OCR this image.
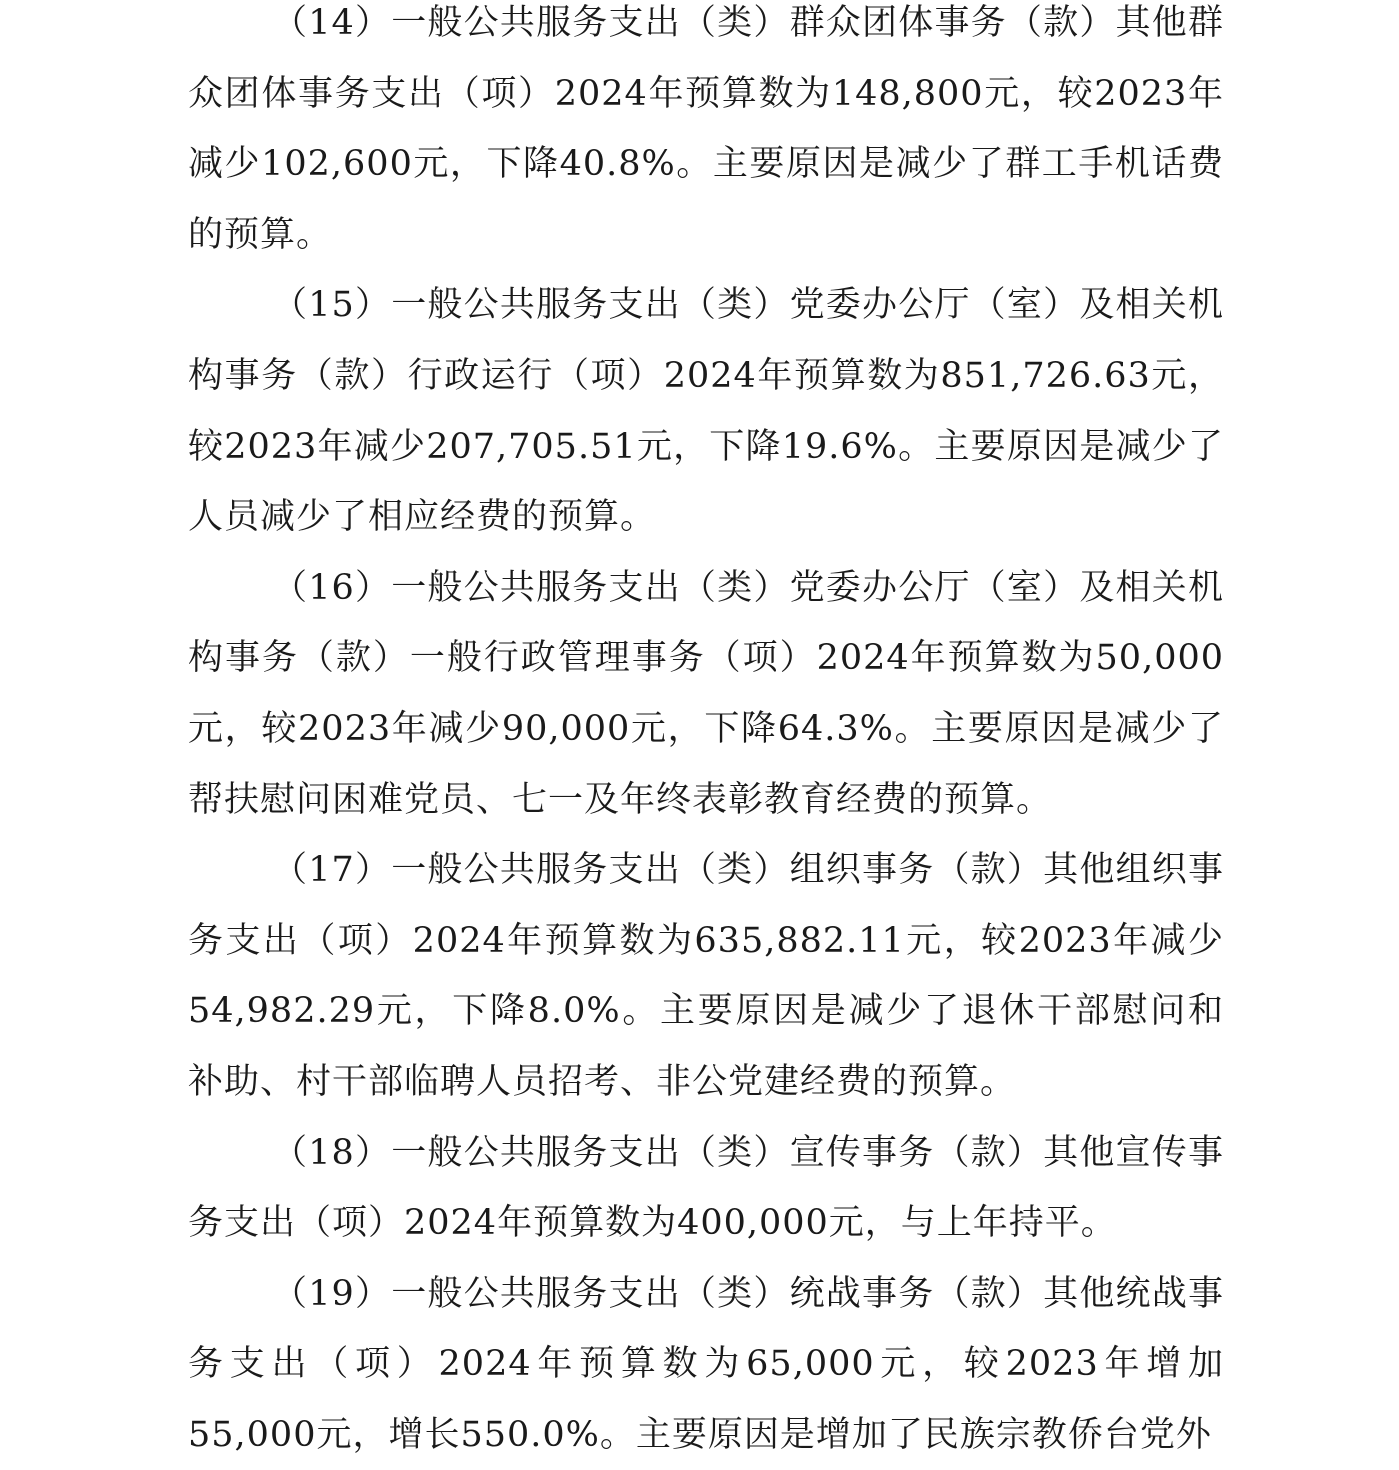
（14）一般公共服务支出（类）群众团体事务（款）其他群众团体事务支出（项）2024年预算数为148,800元，较2023年减少102,600元，下降40.8%。主要原因是减少了群工手机话费的预算。

（15）一般公共服务支出（类）党委办公厅（室）及相关机构事务（款）行政运行（项）2024年预算数为851,726.63元，较2023年减少207,705.51元，下降19.6%。主要原因是减少了人员减少了相应经费的预算。

（16）一般公共服务支出（类）党委办公厅（室）及相关机构事务（款）一般行政管理事务（项）2024年预算数为50,000元，较2023年减少90,000元，下降64.3%。主要原因是减少了帮扶慰问困难党员、七一及年终表彰教育经费的预算。

（17）一般公共服务支出（类）组织事务（款）其他组织事务支出（项）2024年预算数为635,882.11元，较2023年减少54,982.29元，下降8.0%。主要原因是减少了退休干部慰问和补助、村干部临聘人员招考、非公党建经费的预算。

（18）一般公共服务支出（类）宣传事务（款）其他宣传事务支出（项）2024年预算数为400,000元，与上年持平。

（19）一般公共服务支出（类）统战事务（款）其他统战事务支出（项）2024年预算数为65,000元，较2023年增加55,000元，增长550.0%。主要原因是增加了民族宗教侨台党外
